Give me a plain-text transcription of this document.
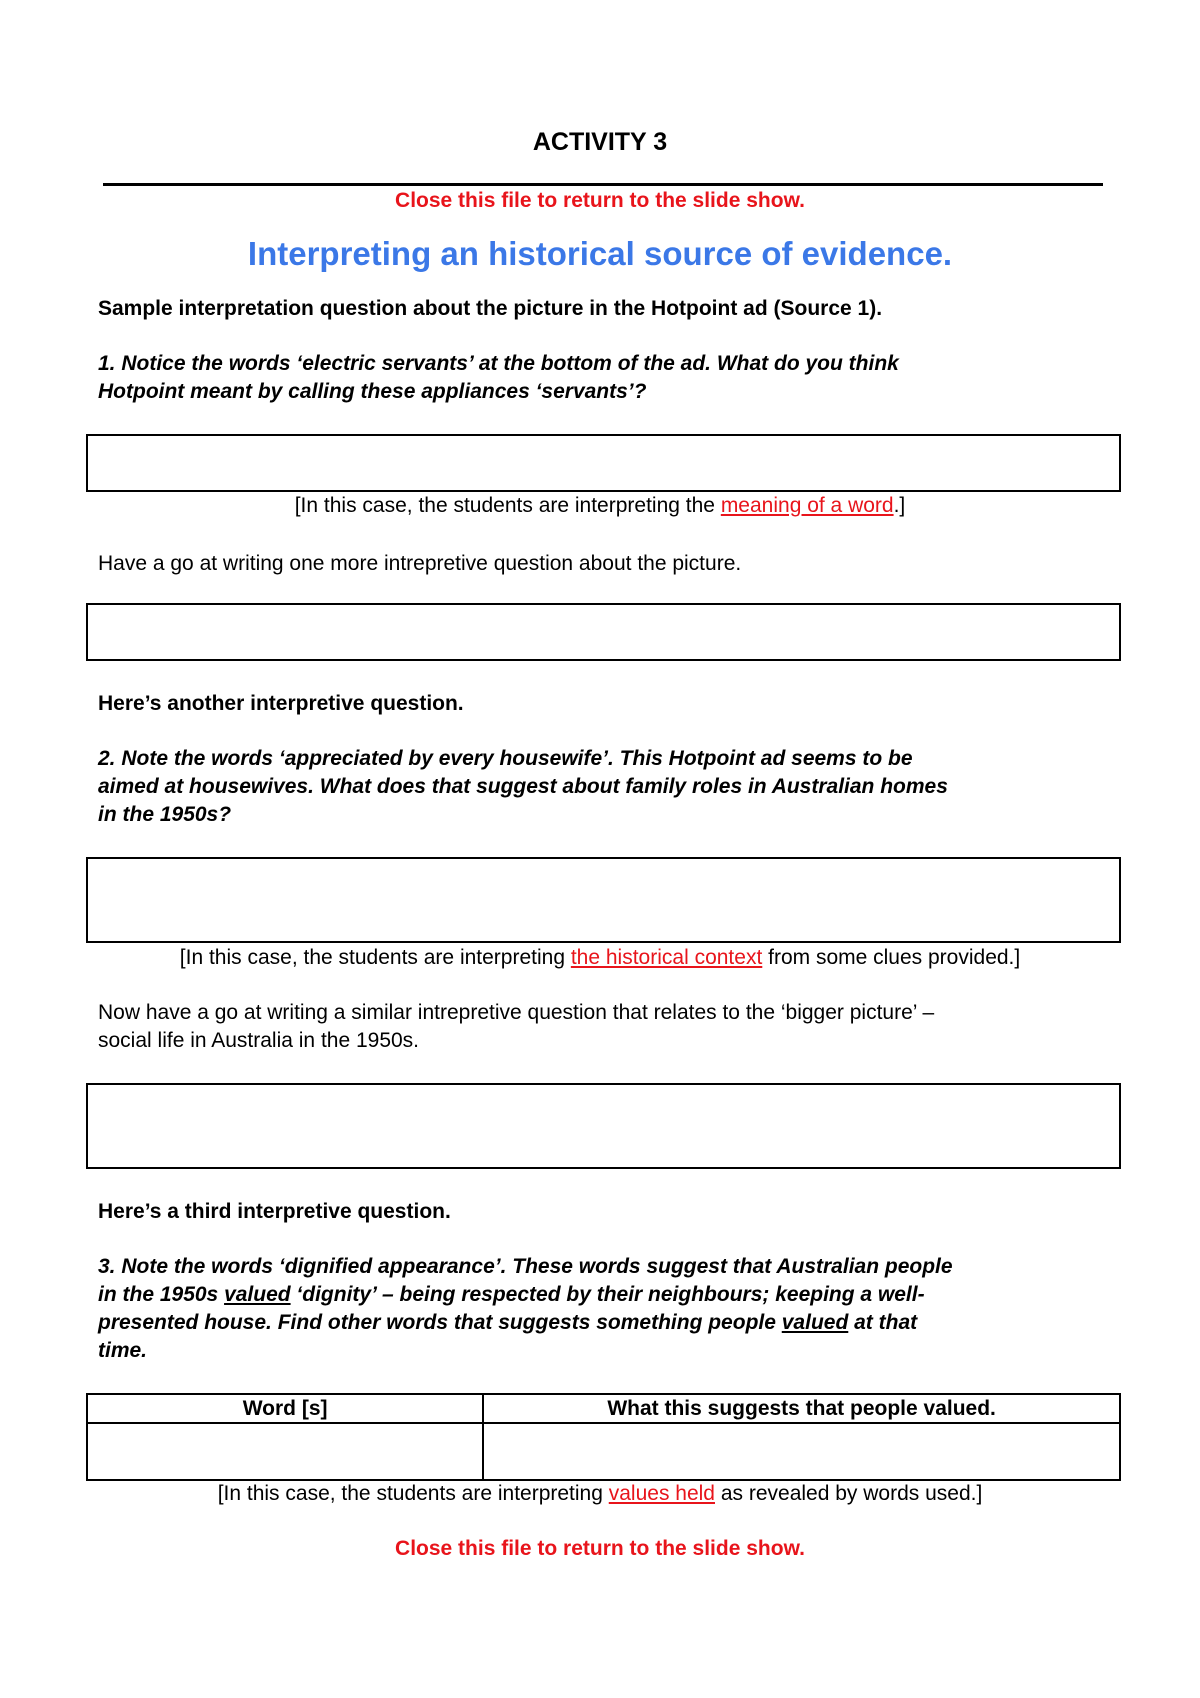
ACTIVITY 3
Close this file to return to the slide show.
Interpreting an historical source of evidence.
Sample interpretation question about the picture in the Hotpoint ad (Source 1).
1. Notice the words ‘electric servants’ at the bottom of the ad. What do you think
Hotpoint meant by calling these appliances ‘servants’?
[In this case, the students are interpreting the meaning of a word.]
Have a go at writing one more intrepretive question about the picture.
Here’s another interpretive question.
2. Note the words ‘appreciated by every housewife’. This Hotpoint ad seems to be
aimed at housewives. What does that suggest about family roles in Australian homes
in the 1950s?
[In this case, the students are interpreting the historical context from some clues provided.]
Now have a go at writing a similar intrepretive question that relates to the ‘bigger picture’ –
social life in Australia in the 1950s.
Here’s a third interpretive question.
3. Note the words ‘dignified appearance’. These words suggest that Australian people
in the 1950s valued ‘dignity’ – being respected by their neighbours; keeping a well-
presented house. Find other words that suggests something people valued at that
time.
Word [s]	What this suggests that people valued.

[In this case, the students are interpreting values held as revealed by words used.]
Close this file to return to the slide show.
